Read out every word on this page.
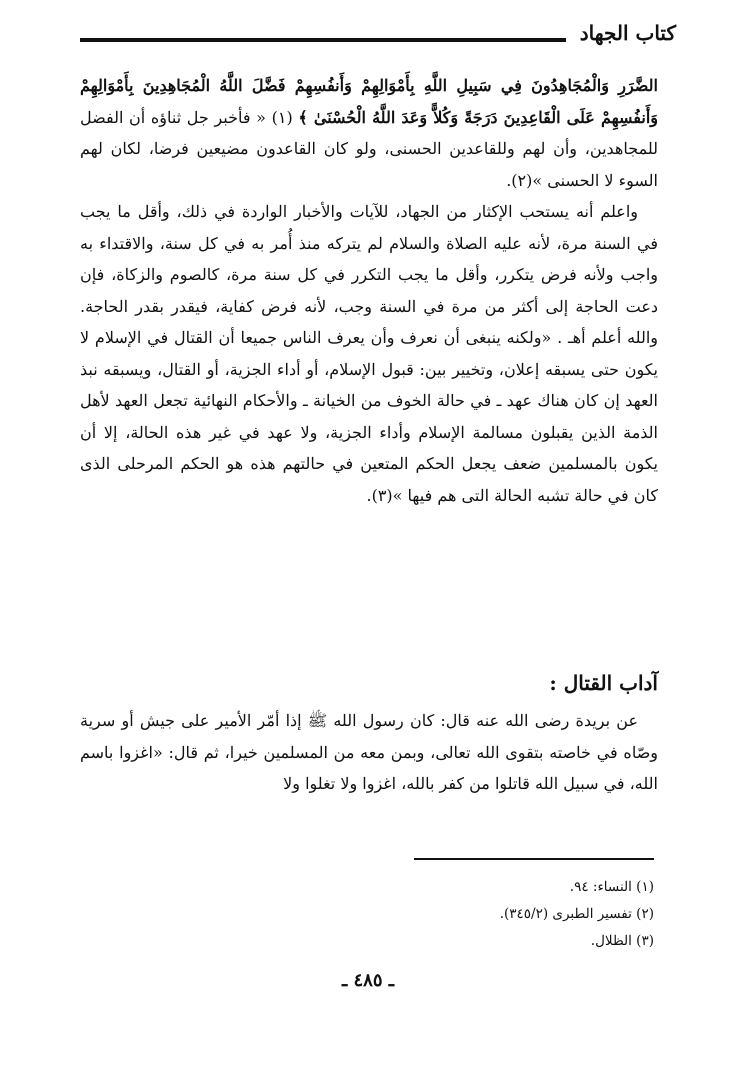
كتاب الجهاد

الضَّرَرِ وَالْمُجَاهِدُونَ فِي سَبِيلِ اللَّهِ بِأَمْوَالِهِمْ وَأَنفُسِهِمْ فَضَّلَ اللَّهُ الْمُجَاهِدِينَ بِأَمْوَالِهِمْ وَأَنفُسِهِمْ عَلَى الْقَاعِدِينَ دَرَجَةً وَكُلاًّ وَعَدَ اللَّهُ الْحُسْنَىٰ ﴾ (١) « فأخبر جل ثناؤه أن الفضل للمجاهدين، وأن لهم وللقاعدين الحسنى، ولو كان القاعدون مضيعين فرضا، لكان لهم السوء لا الحسنى »(٢).

واعلم أنه يستحب الإكثار من الجهاد، للآيات والأخبار الواردة في ذلك، وأقل ما يجب في السنة مرة، لأنه عليه الصلاة والسلام لم يتركه منذ أُمر به في كل سنة، والاقتداء به واجب ولأنه فرض يتكرر، وأقل ما يجب التكرر في كل سنة مرة، كالصوم والزكاة، فإن دعت الحاجة إلى أكثر من مرة في السنة وجب، لأنه فرض كفاية، فيقدر بقدر الحاجة. والله أعلم أهـ . «ولكنه ينبغى أن نعرف وأن يعرف الناس جميعا أن القتال في الإسلام لا يكون حتى يسبقه إعلان، وتخيير بين: قبول الإسلام، أو أداء الجزية، أو القتال، ويسبقه نبذ العهد إن كان هناك عهد ـ في حالة الخوف من الخيانة ـ والأحكام النهائية تجعل العهد لأهل الذمة الذين يقبلون مسالمة الإسلام وأداء الجزية، ولا عهد في غير هذه الحالة، إلا أن يكون بالمسلمين ضعف يجعل الحكم المتعين في حالتهم هذه هو الحكم المرحلى الذى كان في حالة تشبه الحالة التى هم فيها »(٣).

آداب القتال :

عن بريدة رضى الله عنه قال: كان رسول الله ﷺ إذا أمّر الأمير على جيش أو سرية وصّاه في خاصته بتقوى الله تعالى، وبمن معه من المسلمين خيرا، ثم قال: «اغزوا باسم الله، في سبيل الله قاتلوا من كفر بالله، اغزوا ولا تغلوا ولا

(١) النساء: ٩٤.
(٢) تفسير الطبرى (٣٤٥/٢).
(٣) الظلال.
ـ ٤٨٥ ـ
